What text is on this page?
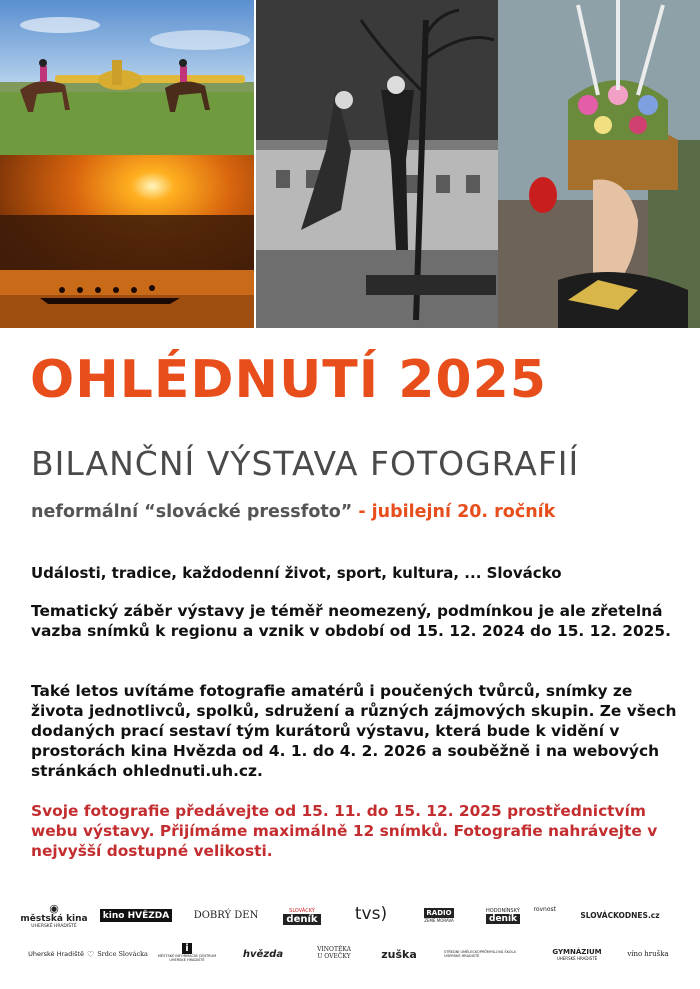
OHLÉDNUTÍ 2025
BILANČNÍ VÝSTAVA FOTOGRAFIÍ
neformální “slovácké pressfoto” - jubilejní 20. ročník
Události, tradice, každodenní život, sport, kultura, ... Slovácko
Tematický záběr výstavy je téměř neomezený, podmínkou je ale zřetelná vazba snímků k regionu a vznik v období od 15. 12. 2024 do 15. 12. 2025.
Také letos uvítáme fotografie amatérů i poučených tvůrců, snímky ze života jednotlivců, spolků, sdružení a různých zájmových skupin. Ze všech dodaných prací sestaví tým kurátorů výstavu, která bude k vidění v prostorách kina Hvězda od 4. 1. do 4. 2. 2026 a souběžně i na webových stránkách ohlednuti.uh.cz.
Svoje fotografie předávejte od 15. 11. do 15. 12. 2025 prostřednictvím webu výstavy. Přijímáme maximálně 12 snímků. Fotografie nahrávejte v nejvyšší dostupné velikosti.
◉
městská kina
UHERSKÉ HRADIŠTĚ
kino HVĚZDA DOBRÝ DEN	SLOVÁCKÝ
deník tvs)	RADIO
ZEMĚ MORAVA
HODONÍNSKÝ
deník
rovnost
SLOVÁCKODNES.cz
Uherské Hradiště ♡ Srdce Slovácka
i
MĚSTSKÉ INFORMAČNÍ CENTRUM
UHERSKÉ HRADIŠTĚ	hvězda	VINOTÉKA
U OVEČKY	zuška	STŘEDNÍ UMĚLECKOPRŮMYSLOVÁ ŠKOLA
UHERSKÉ HRADIŠTĚ
GYMNÁZIUM
UHERSKÉ HRADIŠTĚ	víno hruška
